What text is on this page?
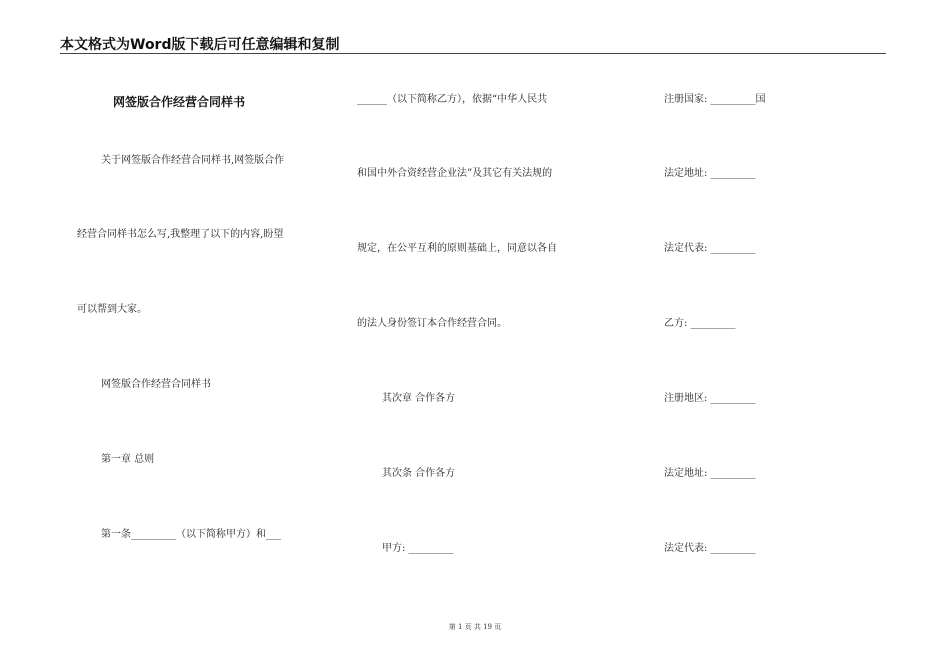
本文格式为Word版下载后可任意编辑和复制
网签版合作经营合同样书
关于网签版合作经营合同样书,网签版合作
经营合同样书怎么写,我整理了以下的内容,盼望
可以帮到大家。
网签版合作经营合同样书
第一章 总则
第一条_________（以下简称甲方）和___
______（以下简称乙方），依据“中华人民共
和国中外合资经营企业法”及其它有关法规的
规定，在公平互利的原则基础上，同意以各自
的法人身份签订本合作经营合同。
其次章 合作各方
其次条 合作各方
甲方: _________
注册国家: _________国
法定地址: _________
法定代表: _________
乙方: _________
注册地区: _________
法定地址: _________
法定代表: _________
第 1 页 共 19 页
